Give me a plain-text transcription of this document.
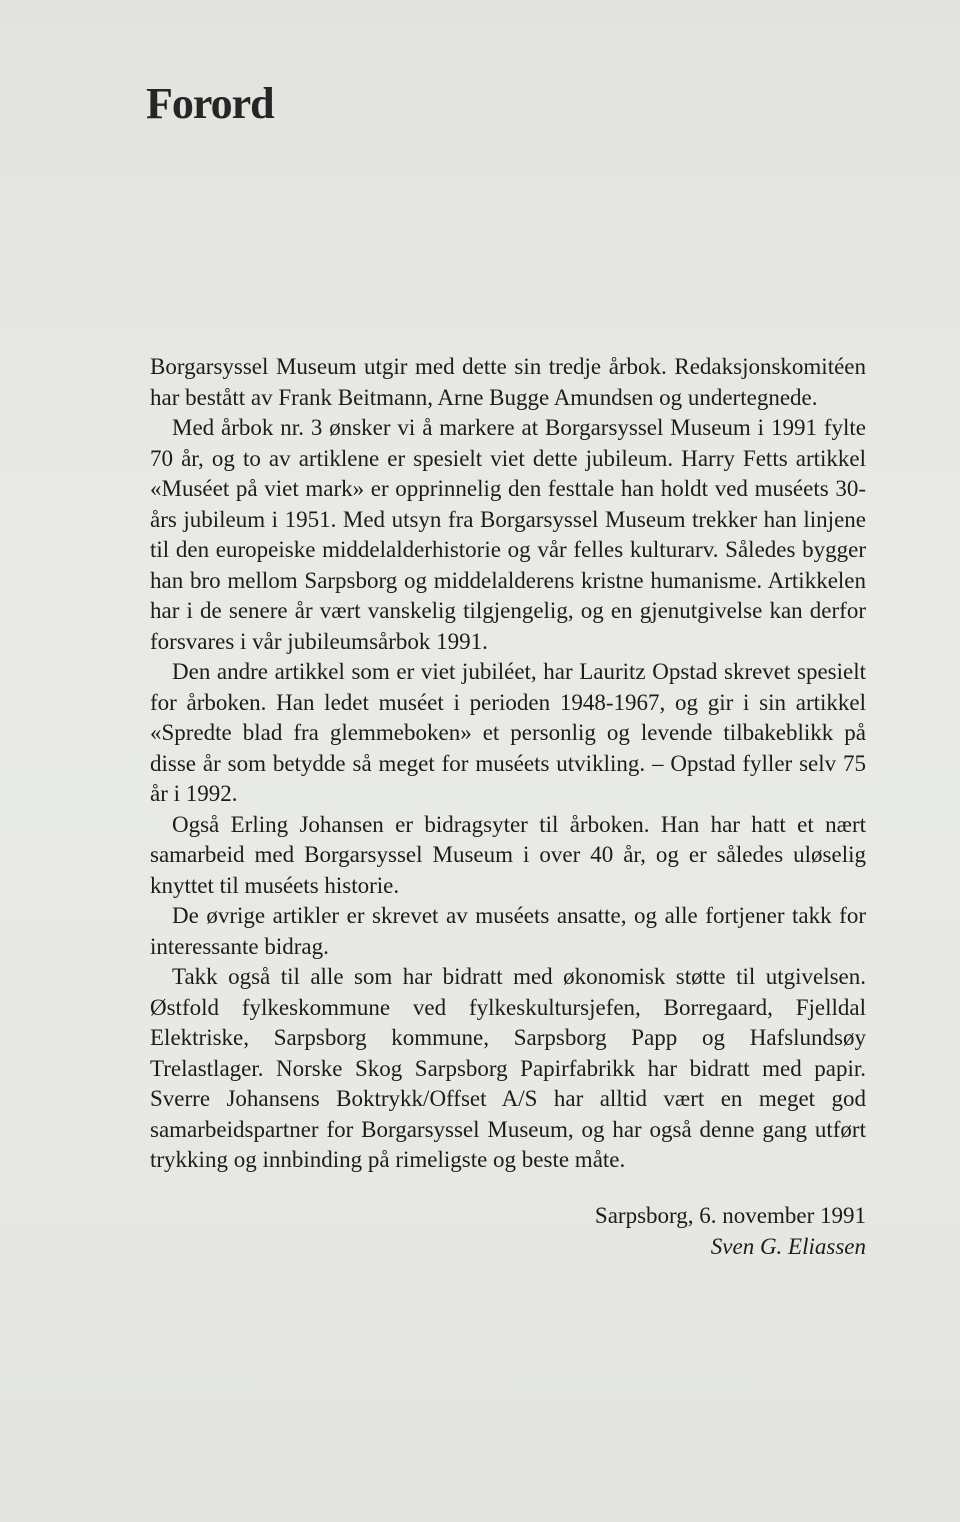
Forord

Borgarsyssel Museum utgir med dette sin tredje årbok. Redaksjonskomitéen har bestått av Frank Beitmann, Arne Bugge Amundsen og undertegnede.

Med årbok nr. 3 ønsker vi å markere at Borgarsyssel Museum i 1991 fylte 70 år, og to av artiklene er spesielt viet dette jubileum. Harry Fetts artikkel «Muséet på viet mark» er opprinnelig den festtale han holdt ved muséets 30-års jubileum i 1951. Med utsyn fra Borgarsyssel Museum trekker han linjene til den europeiske middelalderhistorie og vår felles kulturarv. Således bygger han bro mellom Sarpsborg og middelalderens kristne humanisme. Artikkelen har i de senere år vært vanskelig tilgjengelig, og en gjenutgivelse kan derfor forsvares i vår jubileumsårbok 1991.

Den andre artikkel som er viet jubiléet, har Lauritz Opstad skrevet spesielt for årboken. Han ledet muséet i perioden 1948-1967, og gir i sin artikkel «Spredte blad fra glemmeboken» et personlig og levende tilbakeblikk på disse år som betydde så meget for muséets utvikling. – Opstad fyller selv 75 år i 1992.

Også Erling Johansen er bidragsyter til årboken. Han har hatt et nært samarbeid med Borgarsyssel Museum i over 40 år, og er således uløselig knyttet til muséets historie.

De øvrige artikler er skrevet av muséets ansatte, og alle fortjener takk for interessante bidrag.

Takk også til alle som har bidratt med økonomisk støtte til utgivelsen. Østfold fylkeskommune ved fylkeskultursjefen, Borregaard, Fjelldal Elektriske, Sarpsborg kommune, Sarpsborg Papp og Hafslundsøy Trelastlager. Norske Skog Sarpsborg Papirfabrikk har bidratt med papir. Sverre Johansens Boktrykk/Offset A/S har alltid vært en meget god samarbeidspartner for Borgarsyssel Museum, og har også denne gang utført trykking og innbinding på rimeligste og beste måte.

Sarpsborg, 6. november 1991
Sven G. Eliassen
